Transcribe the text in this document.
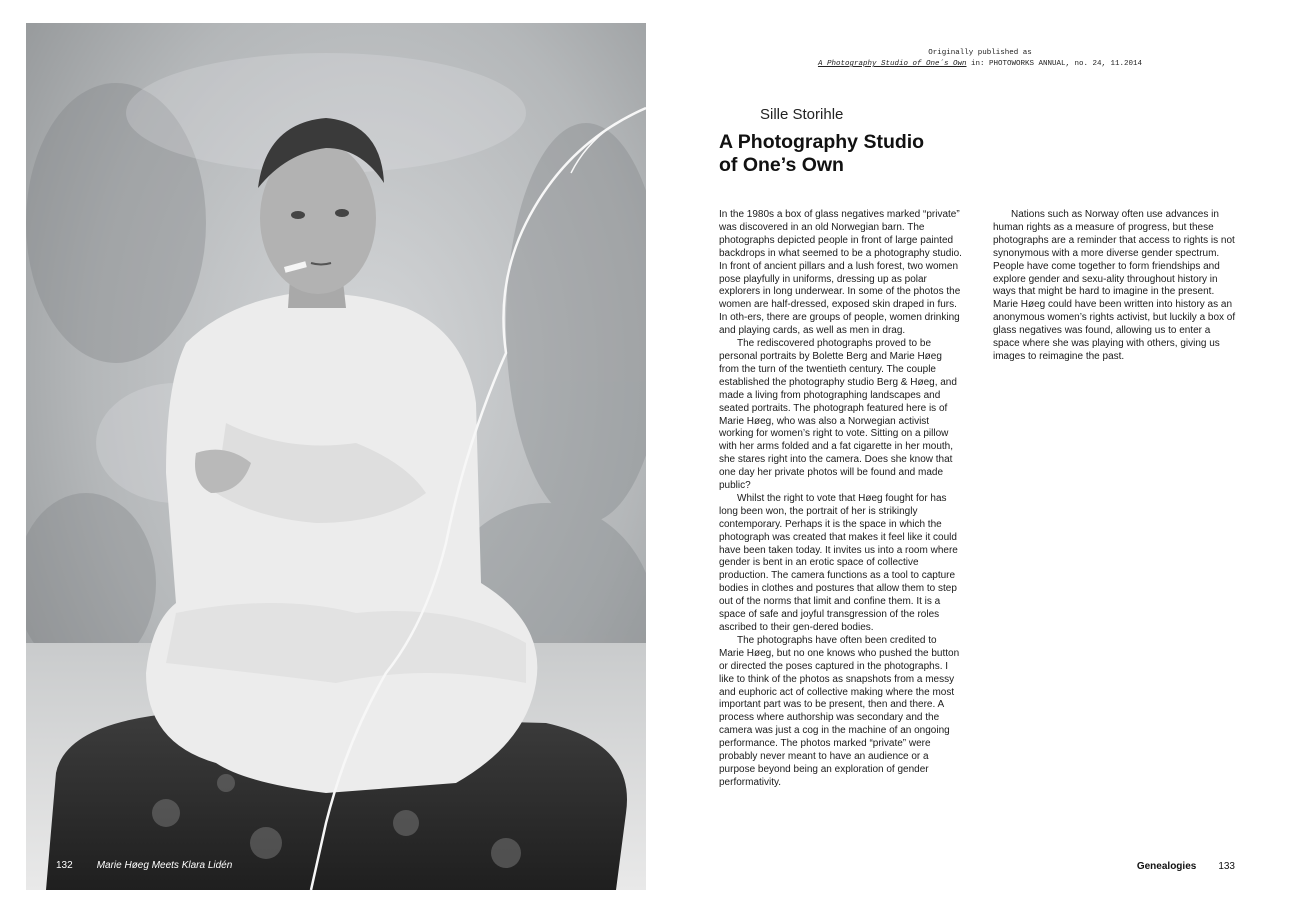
132 Marie Høeg Meets Klara Lidén
Originally published as
A Photography Studio of One´s Own in: PHOTOWORKS ANNUAL, no. 24, 11.2014
Sille Storihle
A Photography Studio
of One’s Own

In the 1980s a box of glass negatives marked “private” was discovered in an old Norwegian barn. The photographs depicted people in front of large painted backdrops in what seemed to be a photography studio. In front of ancient pillars and a lush forest, two women pose playfully in uniforms, dressing up as polar explorers in long underwear. In some of the photos the women are half-dressed, exposed skin draped in furs. In oth-ers, there are groups of people, women drinking and playing cards, as well as men in drag.

The rediscovered photographs proved to be personal portraits by Bolette Berg and Marie Høeg from the turn of the twentieth century. The couple established the photography studio Berg & Høeg, and made a living from photographing landscapes and seated portraits. The photograph featured here is of Marie Høeg, who was also a Norwegian activist working for women’s right to vote. Sitting on a pillow with her arms folded and a fat cigarette in her mouth, she stares right into the camera. Does she know that one day her private photos will be found and made public?

Whilst the right to vote that Høeg fought for has long been won, the portrait of her is strikingly contemporary. Perhaps it is the space in which the photograph was created that makes it feel like it could have been taken today. It invites us into a room where gender is bent in an erotic space of collective production. The camera functions as a tool to capture bodies in clothes and postures that allow them to step out of the norms that limit and confine them. It is a space of safe and joyful transgression of the roles ascribed to their gen-dered bodies.

The photographs have often been credited to Marie Høeg, but no one knows who pushed the button or directed the poses captured in the photographs. I like to think of the photos as snapshots from a messy and euphoric act of collective making where the most important part was to be present, then and there. A process where authorship was secondary and the camera was just a cog in the machine of an ongoing performance. The photos marked “private” were probably never meant to have an audience or a purpose beyond being an exploration of gender performativity.

Nations such as Norway often use advances in human rights as a measure of progress, but these photographs are a reminder that access to rights is not synonymous with a more diverse gender spectrum. People have come together to form friendships and explore gender and sexu-ality throughout history in ways that might be hard to imagine in the present. Marie Høeg could have been written into history as an anonymous women’s rights activist, but luckily a box of glass negatives was found, allowing us to enter a space where she was playing with others, giving us images to reimagine the past.

Genealogies 133
